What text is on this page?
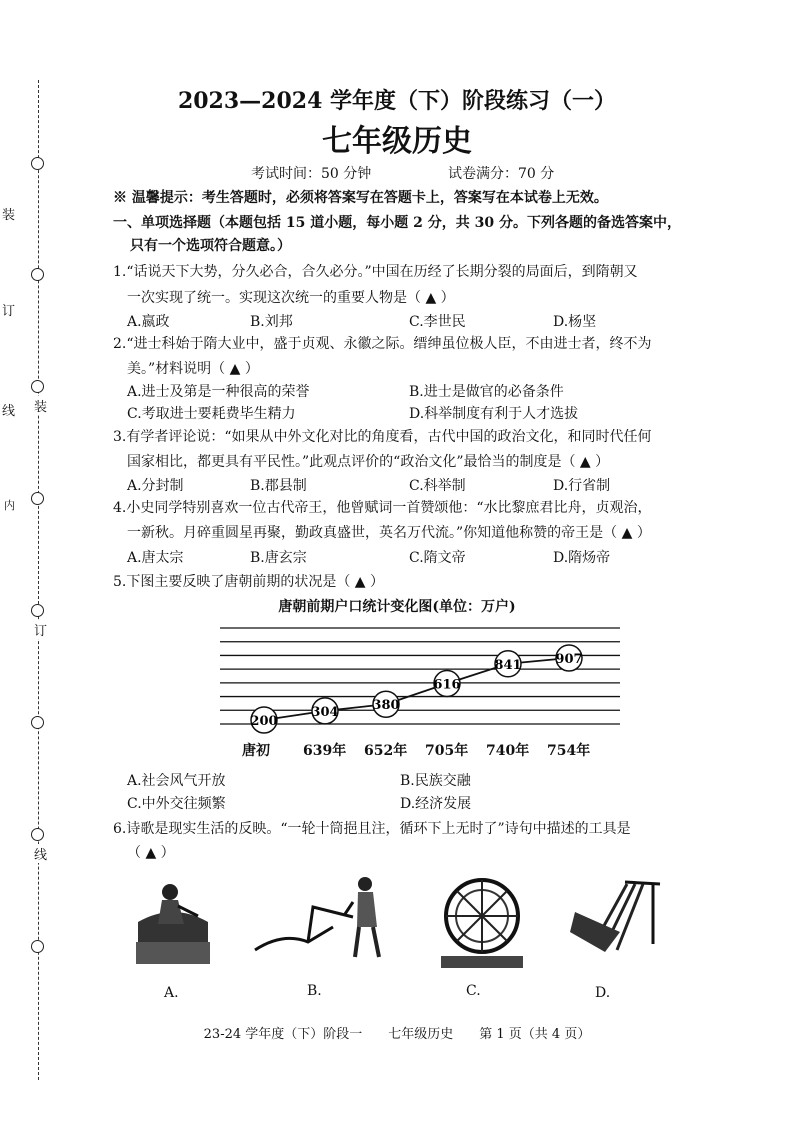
装
订
线
内
装
订
线
2023—2024 学年度（下）阶段练习（一）
七年级历史
考试时间：50 分钟	试卷满分：70 分
※ 温馨提示：考生答题时，必须将答案写在答题卡上，答案写在本试卷上无效。
一、单项选择题（本题包括 15 道小题，每小题 2 分，共 30 分。下列各题的备选答案中，
只有一个选项符合题意。）
1.“话说天下大势，分久必合，合久必分。”中国在历经了长期分裂的局面后，到隋朝又
一次实现了统一。实现这次统一的重要人物是（ ▲ ）
A.嬴政	B.刘邦	C.李世民	D.杨坚
2.“进士科始于隋大业中，盛于贞观、永徽之际。缙绅虽位极人臣，不由进士者，终不为
美。”材料说明（ ▲ ）
A.进士及第是一种很高的荣誉	B.进士是做官的必备条件
C.考取进士要耗费毕生精力	D.科举制度有利于人才选拔
3.有学者评论说：“如果从中外文化对比的角度看，古代中国的政治文化，和同时代任何
国家相比，都更具有平民性。”此观点评价的“政治文化”最恰当的制度是（ ▲ ）
A.分封制	B.郡县制	C.科举制	D.行省制
4.小史同学特别喜欢一位古代帝王，他曾赋词一首赞颂他：“水比黎庶君比舟，贞观治，
一新秋。月碎重圆星再聚，勤政真盛世，英名万代流。”你知道他称赞的帝王是（ ▲ ）
A.唐太宗	B.唐玄宗	C.隋文帝	D.隋炀帝
5.下图主要反映了唐朝前期的状况是（ ▲ ）
唐朝前期户口统计变化图(单位：万户)
200
304	380
616
841	907
唐初 639年 652年 705年 740年 754年
A.社会风气开放	B.民族交融
C.中外交往频繁	D.经济发展
6.诗歌是现实生活的反映。“一轮十筒挹且注，循环下上无时了”诗句中描述的工具是
（ ▲ ）
A.	B.	C.	D.
23-24 学年度（下）阶段一　　七年级历史　　第 1 页（共 4 页）
